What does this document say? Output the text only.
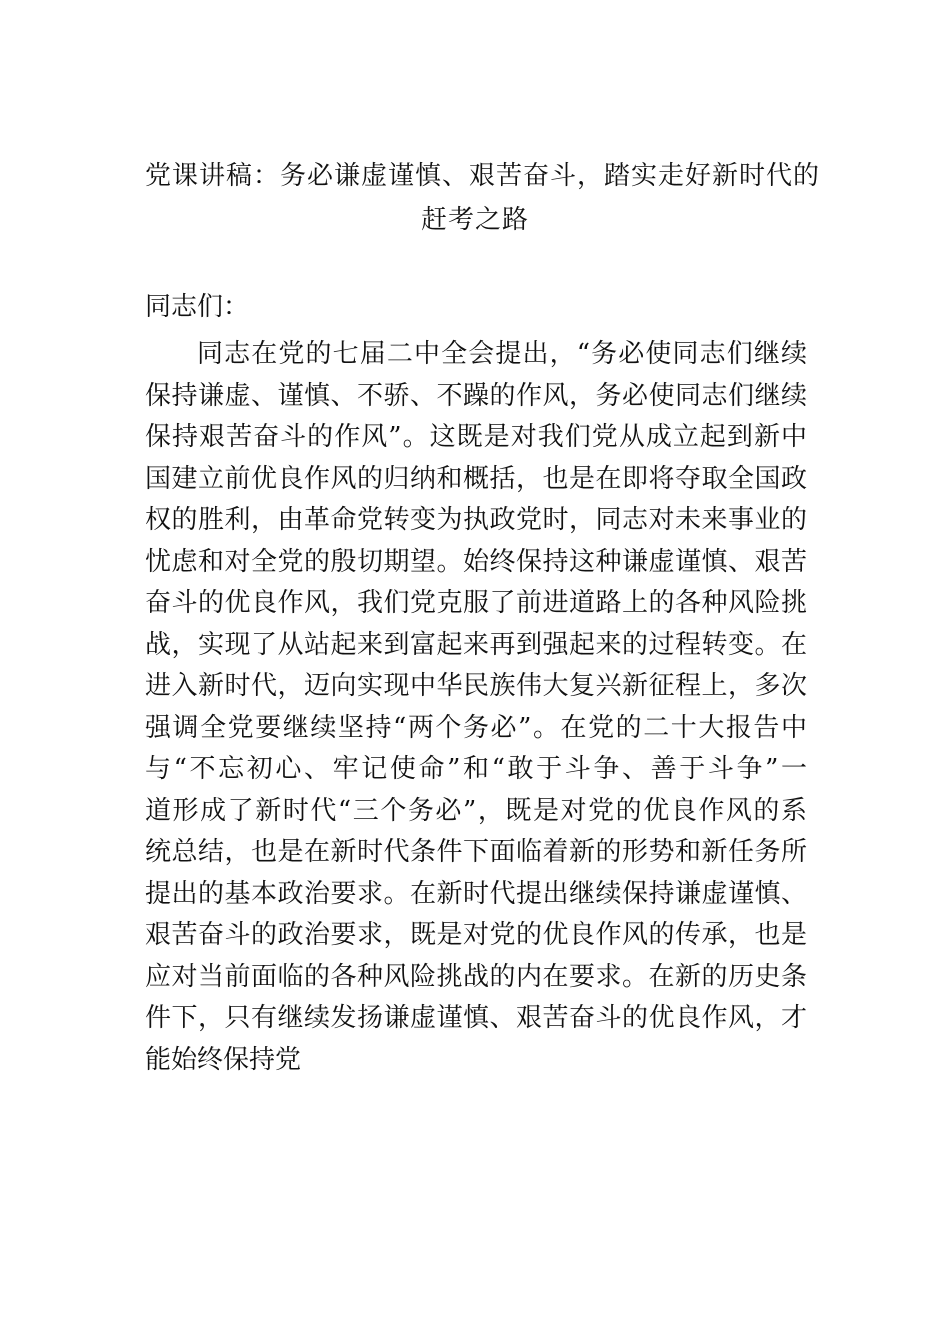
党课讲稿：务必谦虚谨慎、艰苦奋斗，踏实走好新时代的
赶考之路
同志们：
同志在党的七届二中全会提出，“务必使同志们继续
保持谦虚、谨慎、不骄、不躁的作风，务必使同志们继续
保持艰苦奋斗的作风”。这既是对我们党从成立起到新中
国建立前优良作风的归纳和概括，也是在即将夺取全国政
权的胜利，由革命党转变为执政党时，同志对未来事业的
忧虑和对全党的殷切期望。始终保持这种谦虚谨慎、艰苦
奋斗的优良作风，我们党克服了前进道路上的各种风险挑
战，实现了从站起来到富起来再到强起来的过程转变。在
进入新时代，迈向实现中华民族伟大复兴新征程上，多次
强调全党要继续坚持“两个务必”。在党的二十大报告中
与“不忘初心、牢记使命”和“敢于斗争、善于斗争”一
道形成了新时代“三个务必”，既是对党的优良作风的系
统总结，也是在新时代条件下面临着新的形势和新任务所
提出的基本政治要求。在新时代提出继续保持谦虚谨慎、
艰苦奋斗的政治要求，既是对党的优良作风的传承，也是
应对当前面临的各种风险挑战的内在要求。在新的历史条
件下，只有继续发扬谦虚谨慎、艰苦奋斗的优良作风，才
能始终保持党
